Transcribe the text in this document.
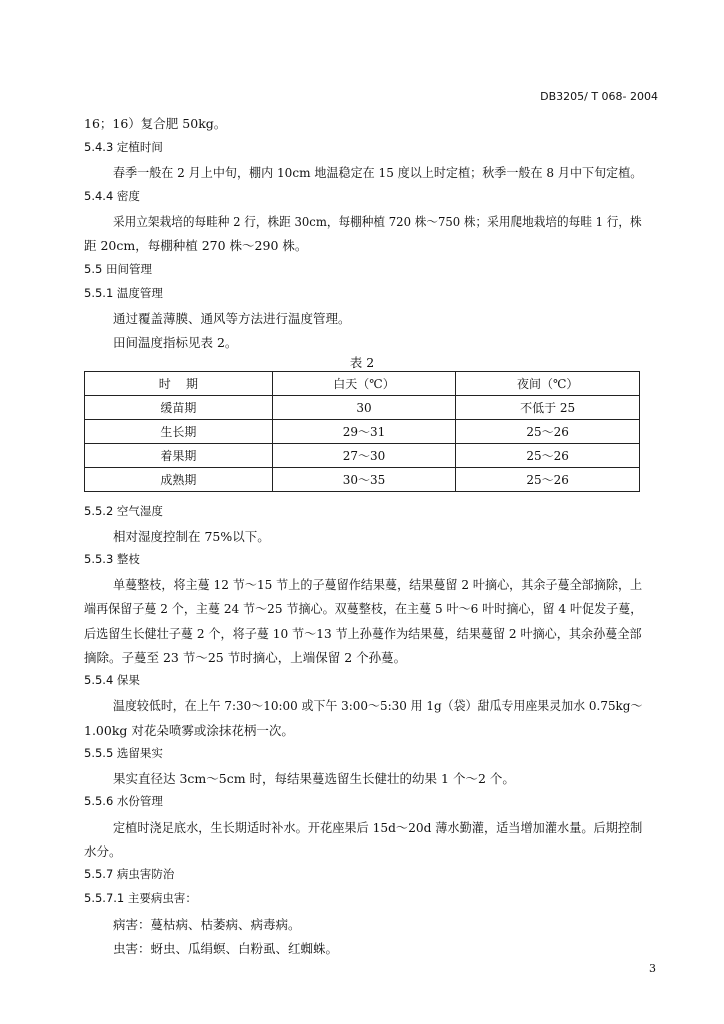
DB3205/ T 068- 2004
16；16）复合肥 50kg。
5.4.3 定植时间
春季一般在 2 月上中旬，棚内 10cm 地温稳定在 15 度以上时定植；秋季一般在 8 月中下旬定植。
5.4.4 密度
采用立架栽培的每畦种 2 行，株距 30cm，每棚种植 720 株～750 株；采用爬地栽培的每畦 1 行，株
距 20cm，每棚种植 270 株～290 株。
5.5 田间管理
5.5.1 温度管理
通过覆盖薄膜、通风等方法进行温度管理。
田间温度指标见表 2。
表 2
时    期	白天（℃）	夜间（℃）
缓苗期	30	不低于 25
生长期	29～31	25～26
着果期	27～30	25～26
成熟期	30～35	25～26
5.5.2 空气湿度
相对湿度控制在 75%以下。
5.5.3 整枝
单蔓整枝，将主蔓 12 节～15 节上的子蔓留作结果蔓，结果蔓留 2 叶摘心，其余子蔓全部摘除，上
端再保留子蔓 2 个，主蔓 24 节～25 节摘心。双蔓整枝，在主蔓 5 叶～6 叶时摘心，留 4 叶促发子蔓，
后选留生长健壮子蔓 2 个，将子蔓 10 节～13 节上孙蔓作为结果蔓，结果蔓留 2 叶摘心，其余孙蔓全部
摘除。子蔓至 23 节～25 节时摘心，上端保留 2 个孙蔓。
5.5.4 保果
温度较低时，在上午 7:30～10:00 或下午 3:00～5:30 用 1g（袋）甜瓜专用座果灵加水 0.75kg～
1.00kg 对花朵喷雾或涂抹花柄一次。
5.5.5 选留果实
果实直径达 3cm～5cm 时，每结果蔓选留生长健壮的幼果 1 个～2 个。
5.5.6 水份管理
定植时浇足底水，生长期适时补水。开花座果后 15d～20d 薄水勤灌，适当增加灌水量。后期控制
水分。
5.5.7 病虫害防治
5.5.7.1 主要病虫害：
病害：蔓枯病、枯萎病、病毒病。
虫害：蚜虫、瓜绢螟、白粉虱、红蜘蛛。
3
